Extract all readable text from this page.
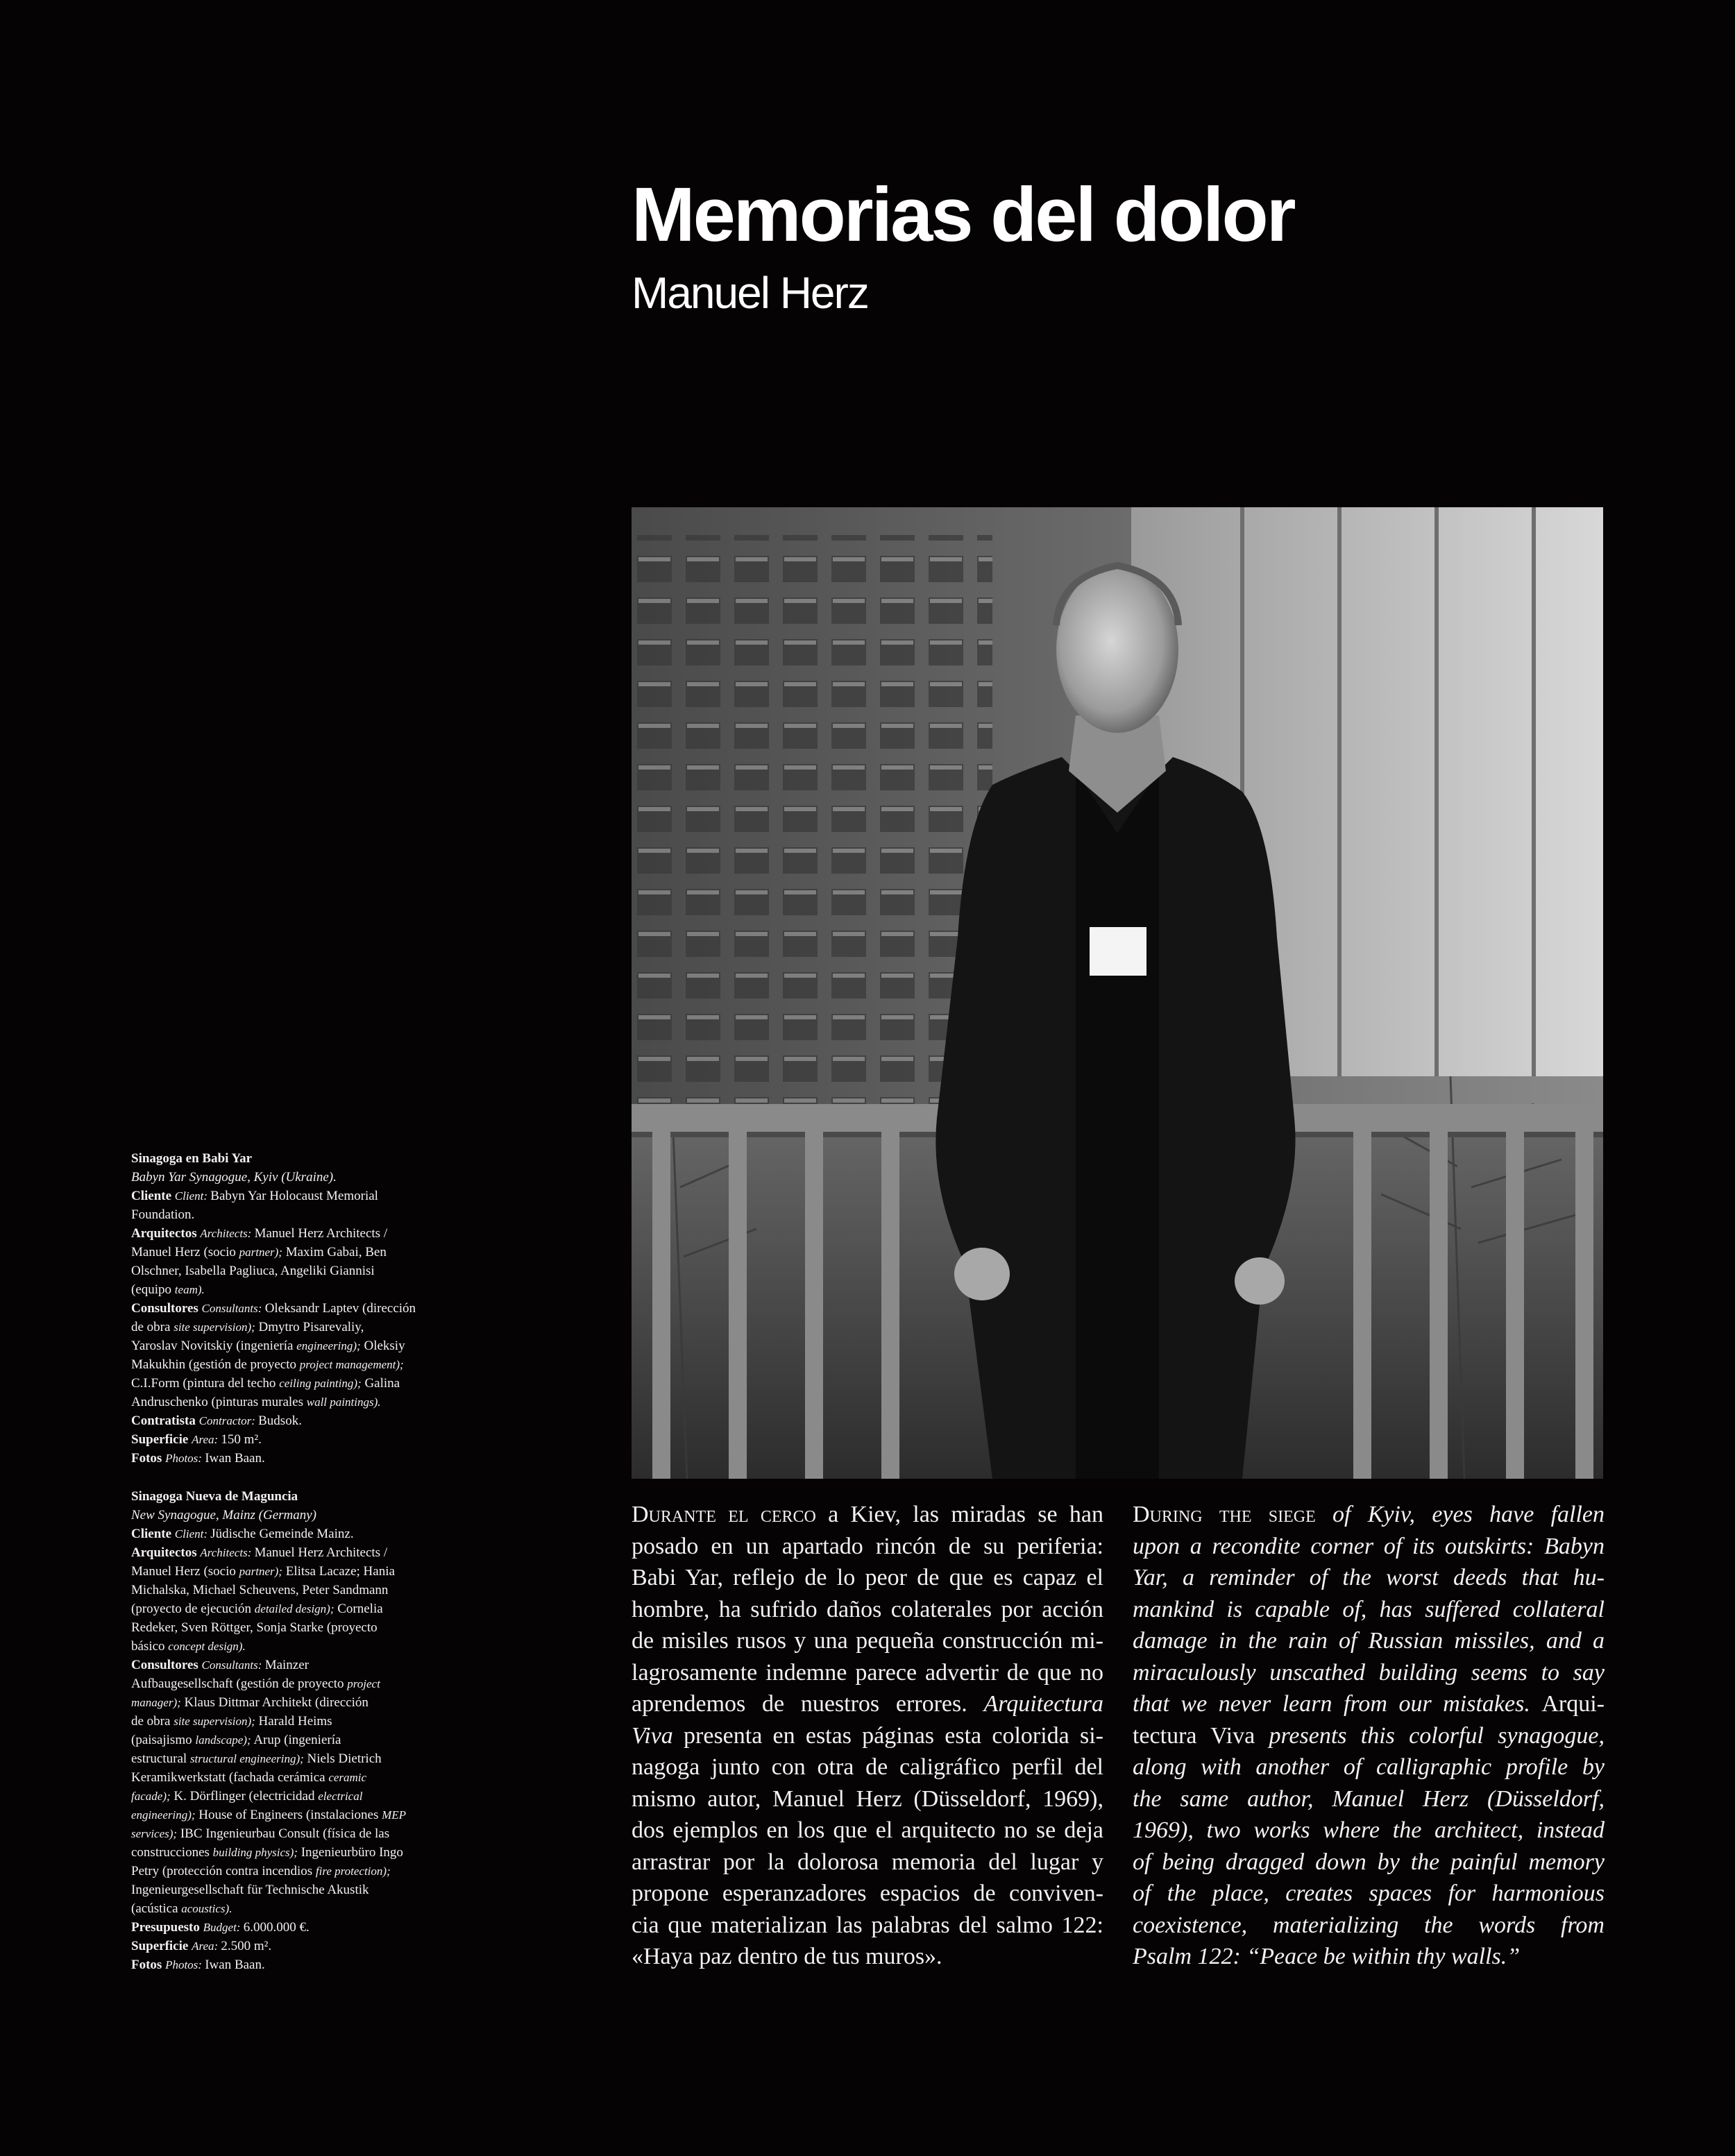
Memorias del dolor
Manuel Herz
Sinagoga en Babi Yar
Babyn Yar Synagogue, Kyiv (Ukraine).
Cliente Client: Babyn Yar Holocaust Memorial
Foundation.
Arquitectos Architects: Manuel Herz Architects /
Manuel Herz (socio partner); Maxim Gabai, Ben
Olschner, Isabella Pagliuca, Angeliki Giannisi
(equipo team).
Consultores Consultants: Oleksandr Laptev (dirección
de obra site supervision); Dmytro Pisarevaliy,
Yaroslav Novitskiy (ingeniería engineering); Oleksiy
Makukhin (gestión de proyecto project management);
C.I.Form (pintura del techo ceiling painting); Galina
Andruschenko (pinturas murales wall paintings).
Contratista Contractor: Budsok.
Superficie Area: 150 m².
Fotos Photos: Iwan Baan.
Sinagoga Nueva de Maguncia
New Synagogue, Mainz (Germany)
Cliente Client: Jüdische Gemeinde Mainz.
Arquitectos Architects: Manuel Herz Architects /
Manuel Herz (socio partner); Elitsa Lacaze; Hania
Michalska, Michael Scheuvens, Peter Sandmann
(proyecto de ejecución detailed design); Cornelia
Redeker, Sven Röttger, Sonja Starke (proyecto
básico concept design).
Consultores Consultants: Mainzer
Aufbaugesellschaft (gestión de proyecto project
manager); Klaus Dittmar Architekt (dirección
de obra site supervision); Harald Heims
(paisajismo landscape); Arup (ingeniería
estructural structural engineering); Niels Dietrich
Keramikwerkstatt (fachada cerámica ceramic
facade); K. Dörflinger (electricidad electrical
engineering); House of Engineers (instalaciones MEP
services); IBC Ingenieurbau Consult (física de las
construcciones building physics); Ingenieurbüro Ingo
Petry (protección contra incendios fire protection);
Ingenieurgesellschaft für Technische Akustik
(acústica acoustics).
Presupuesto Budget: 6.000.000 €.
Superficie Area: 2.500 m².
Fotos Photos: Iwan Baan.
Durante el cerco a Kiev, las miradas se han
posado en un apartado rincón de su periferia:
Babi Yar, reflejo de lo peor de que es capaz el
hombre, ha sufrido daños colaterales por acción
de misiles rusos y una pequeña construcción mi-
lagrosamente indemne parece advertir de que no
aprendemos de nuestros errores. Arquitectura
Viva presenta en estas páginas esta colorida si-
nagoga junto con otra de caligráfico perfil del
mismo autor, Manuel Herz (Düsseldorf, 1969),
dos ejemplos en los que el arquitecto no se deja
arrastrar por la dolorosa memoria del lugar y
propone esperanzadores espacios de conviven-
cia que materializan las palabras del salmo 122:
«Haya paz dentro de tus muros».
During the siege of Kyiv, eyes have fallen
upon a recondite corner of its outskirts: Babyn
Yar, a reminder of the worst deeds that hu-
mankind is capable of, has suffered collateral
damage in the rain of Russian missiles, and a
miraculously unscathed building seems to say
that we never learn from our mistakes. Arqui-
tectura Viva presents this colorful synagogue,
along with another of calligraphic profile by
the same author, Manuel Herz (Düsseldorf,
1969), two works where the architect, instead
of being dragged down by the painful memory
of the place, creates spaces for harmonious
coexistence, materializing the words from
Psalm 122: “Peace be within thy walls.”
